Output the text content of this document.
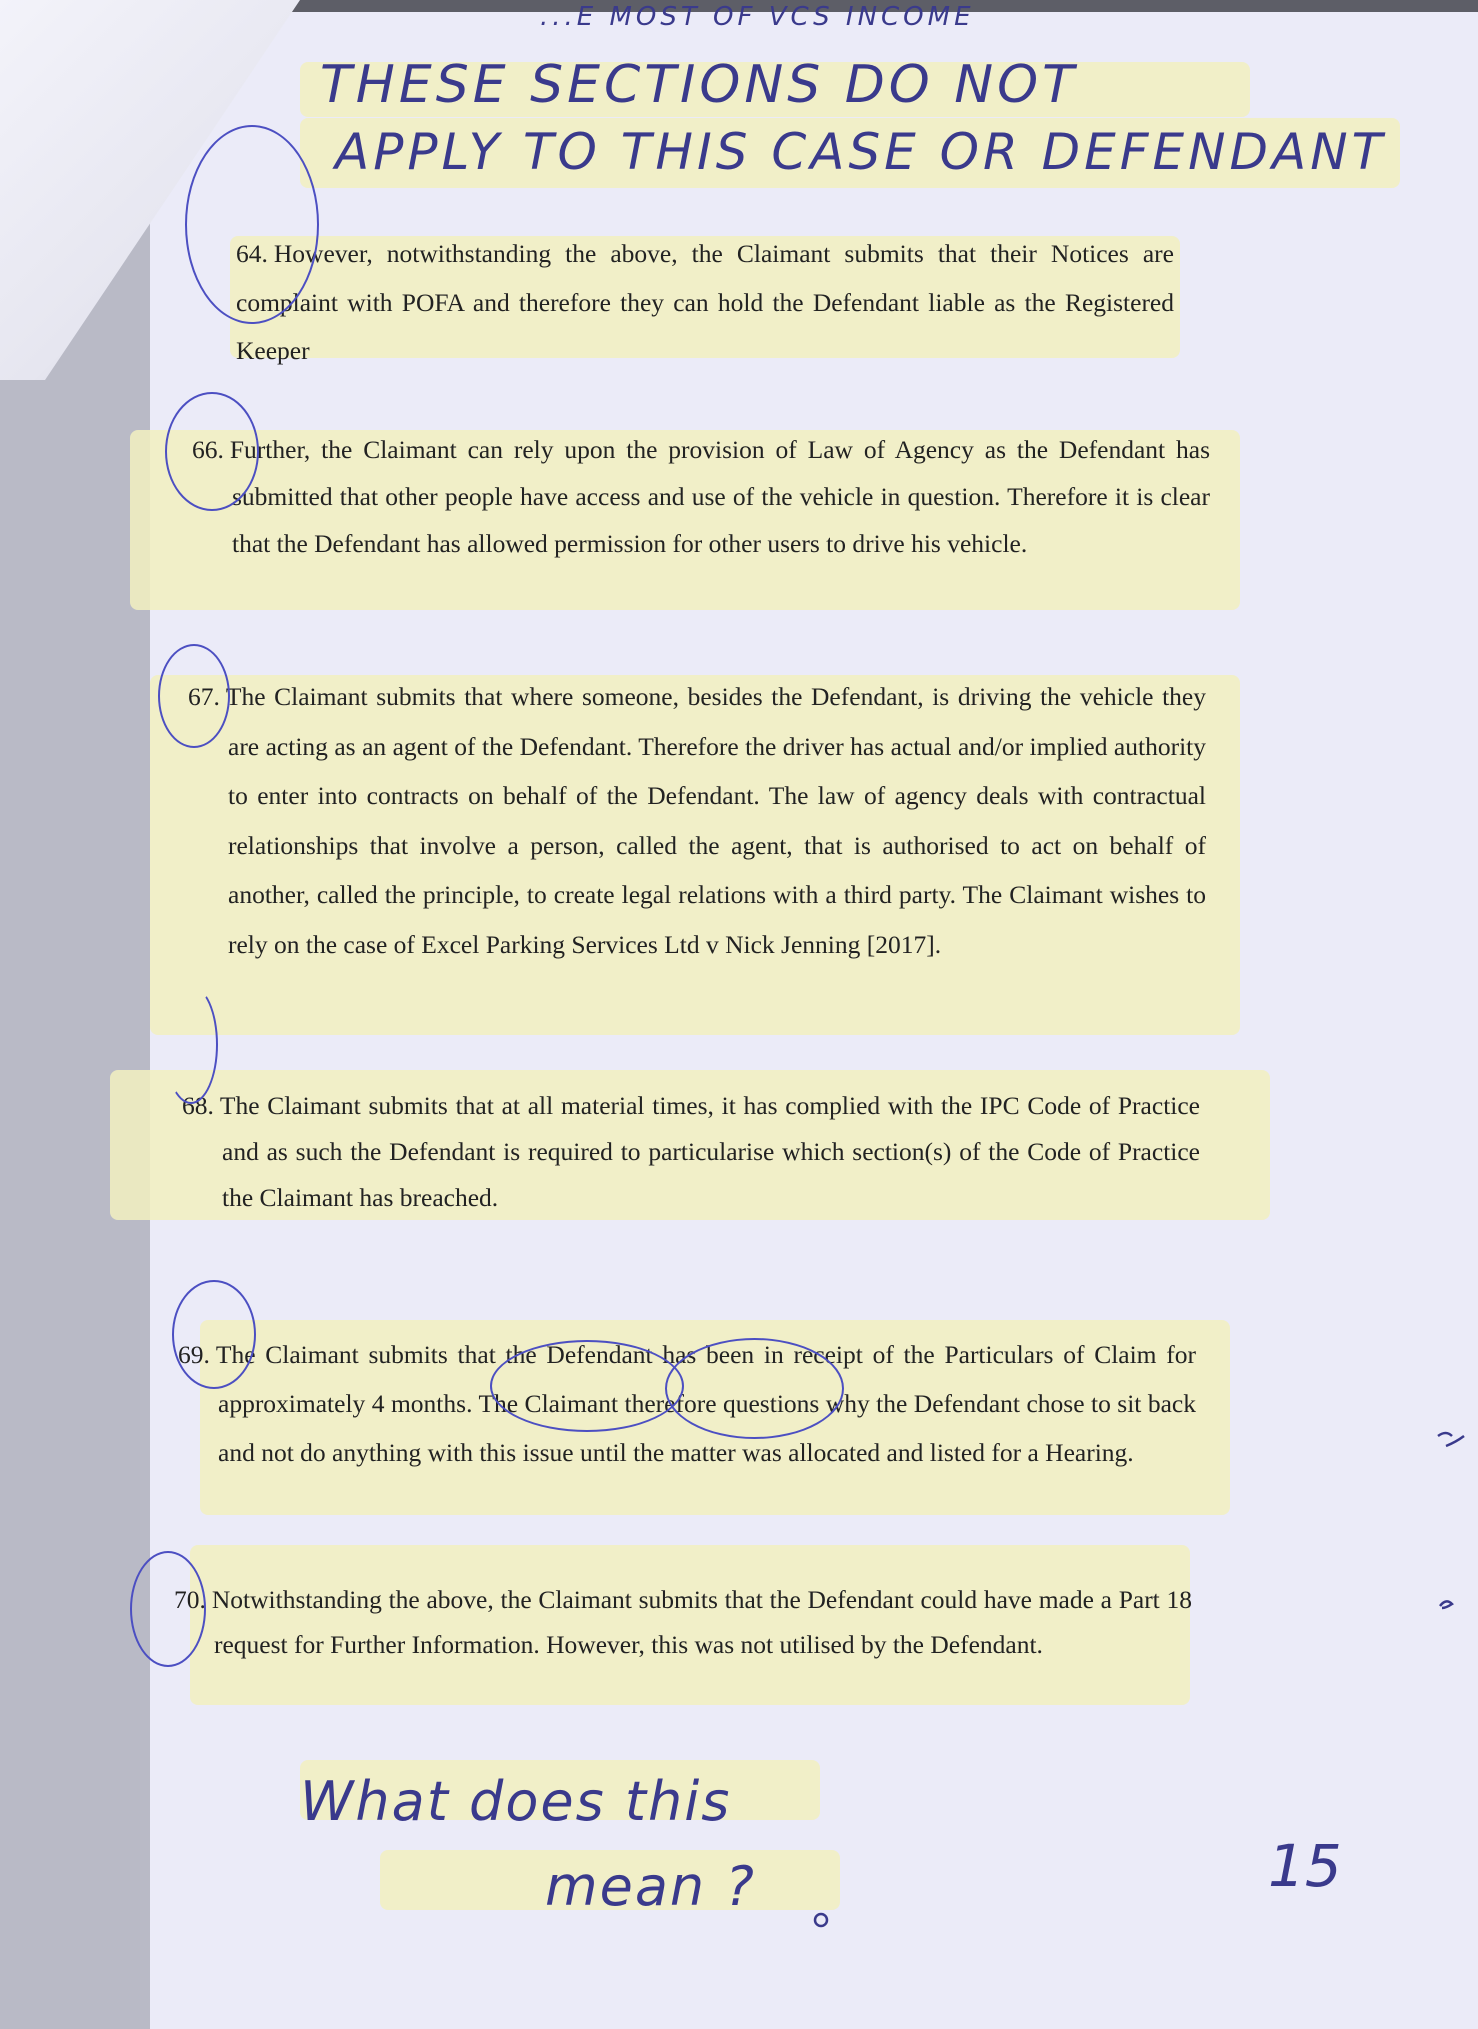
...E MOST OF VCS INCOME
THESE SECTIONS DO NOT
APPLY TO THIS CASE OR DEFENDANT
What does this
mean ?	15
64. However, notwithstanding the above, the Claimant submits that their Notices are complaint with POFA and therefore they can hold the Defendant liable as the Registered Keeper
66. Further, the Claimant can rely upon the provision of Law of Agency as the Defendant has submitted that other people have access and use of the vehicle in question. Therefore it is clear that the Defendant has allowed permission for other users to drive his vehicle.
67. The Claimant submits that where someone, besides the Defendant, is driving the vehicle they are acting as an agent of the Defendant. Therefore the driver has actual and/or implied authority to enter into contracts on behalf of the Defendant. The law of agency deals with contractual relationships that involve a person, called the agent, that is authorised to act on behalf of another, called the principle, to create legal relations with a third party. The Claimant wishes to rely on the case of Excel Parking Services Ltd v Nick Jenning [2017].
68. The Claimant submits that at all material times, it has complied with the IPC Code of Practice and as such the Defendant is required to particularise which section(s) of the Code of Practice the Claimant has breached.
69. The Claimant submits that the Defendant has been in receipt of the Particulars of Claim for approximately 4 months. The Claimant therefore questions why the Defendant chose to sit back and not do anything with this issue until the matter was allocated and listed for a Hearing.
70. Notwithstanding the above, the Claimant submits that the Defendant could have made a Part 18 request for Further Information. However, this was not utilised by the Defendant.
